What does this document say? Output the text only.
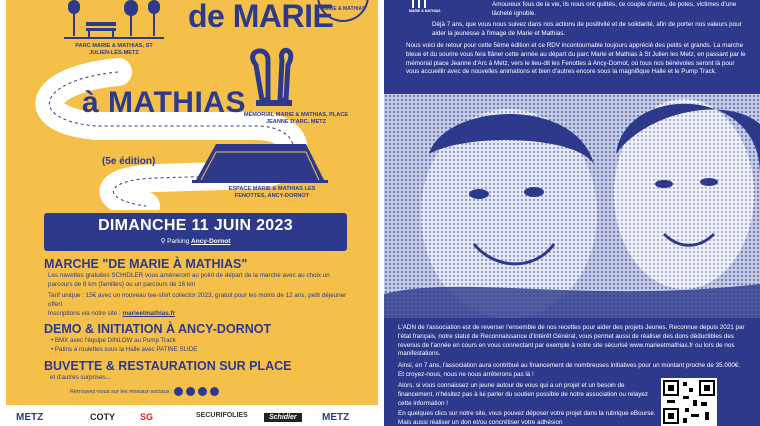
de MARIE
MARIE & MATHIAS
PARC MARIE & MATHIAS, ST JULIEN-LÈS-METZ
à MATHIAS
MÉMORIAL MARIE & MATHIAS, PLACE JEANNE D'ARC, METZ
(5e édition)
ESPACE MARIE & MATHIAS LES FENOTTES, ANCY-DORNOT
DIMANCHE 11 JUIN 2023
⚲ Parking Ancy-Dornot
MARCHE "DE MARIE À MATHIAS"
Les navettes gratuites SCHIDLER vous amèneront au point de départ de la marche avec au choix un parcours de 8 km (familles) ou un parcours de 16 km
Tarif unique : 15€ avec un nouveau tee-shirt collector 2023, gratuit pour les moins de 12 ans, petit déjeuner offert
Inscriptions via notre site : marieetmathias.fr
DEMO & INITIATION À ANCY-DORNOT
• BMX avec l'équipe DINLOW au Pump Track
• Patins à roulettes sous la Halle avec PATINE SLIDE
BUVETTE & RESTAURATION SUR PLACE
et d'autres surprises...
Retrouvez-nous sur les réseaux sociaux :
METZ	COTY	SG	SECURIFOLIES	Schidler	METZ
MARIE & MATHIAS
Amoureux fous de la vie, ils nous ont quittés, ce couple d'amis, de potes, victimes d'une lâcheté ignoble.
Déjà 7 ans, que vous nous suivez dans nos actions de positivité et de solidarité, afin de porter nos valeurs pour aider la jeunesse à l'image de Marie et Mathias.
Nous voici de retour pour cette 5ème édition et ce RDV incontournable toujours apprécié des petits et grands. La marche bleue et du sourire vous fera flâner cette année au départ du parc Marie et Mathias à St Julien les Metz, en passant par le mémorial place Jeanne d'Arc à Metz, vers le lieu-dit les Fenottes à Ancy-Dornot, où tous nos bénévoles seront là pour vous accueillir avec de nouvelles animations et bien d'autres encore sous la magnifique Halle et le Pump Track.
L'ADN de l'association est de reverser l'ensemble de nos recettes pour aider des projets Jeunes. Reconnue depuis 2021 par l'état français, notre statut de Reconnaissance d'Intérêt Général, vous permet aussi de réaliser des dons déductibles des revenus de l'année en cours en vous connectant par exemple à notre site sécurisé www.marieetmathias.fr ou lors de nos manifestations.
Ainsi, en 7 ans, l'association aura contribué au financement de nombreuses initiatives pour un montant proche de 35.000€. Et croyez-nous, nous ne nous arrêterons pas là !
Alors, si vous connaissez un jeune autour de vous qui a un projet et un besoin de financement, n'hésitez pas à lui parler du soutien possible de notre association ou relayez cette information !
En quelques clics sur notre site, vous pouvez déposer votre projet dans la rubrique eBourse. Mais aussi réaliser un don et/ou concrétiser votre adhésion
